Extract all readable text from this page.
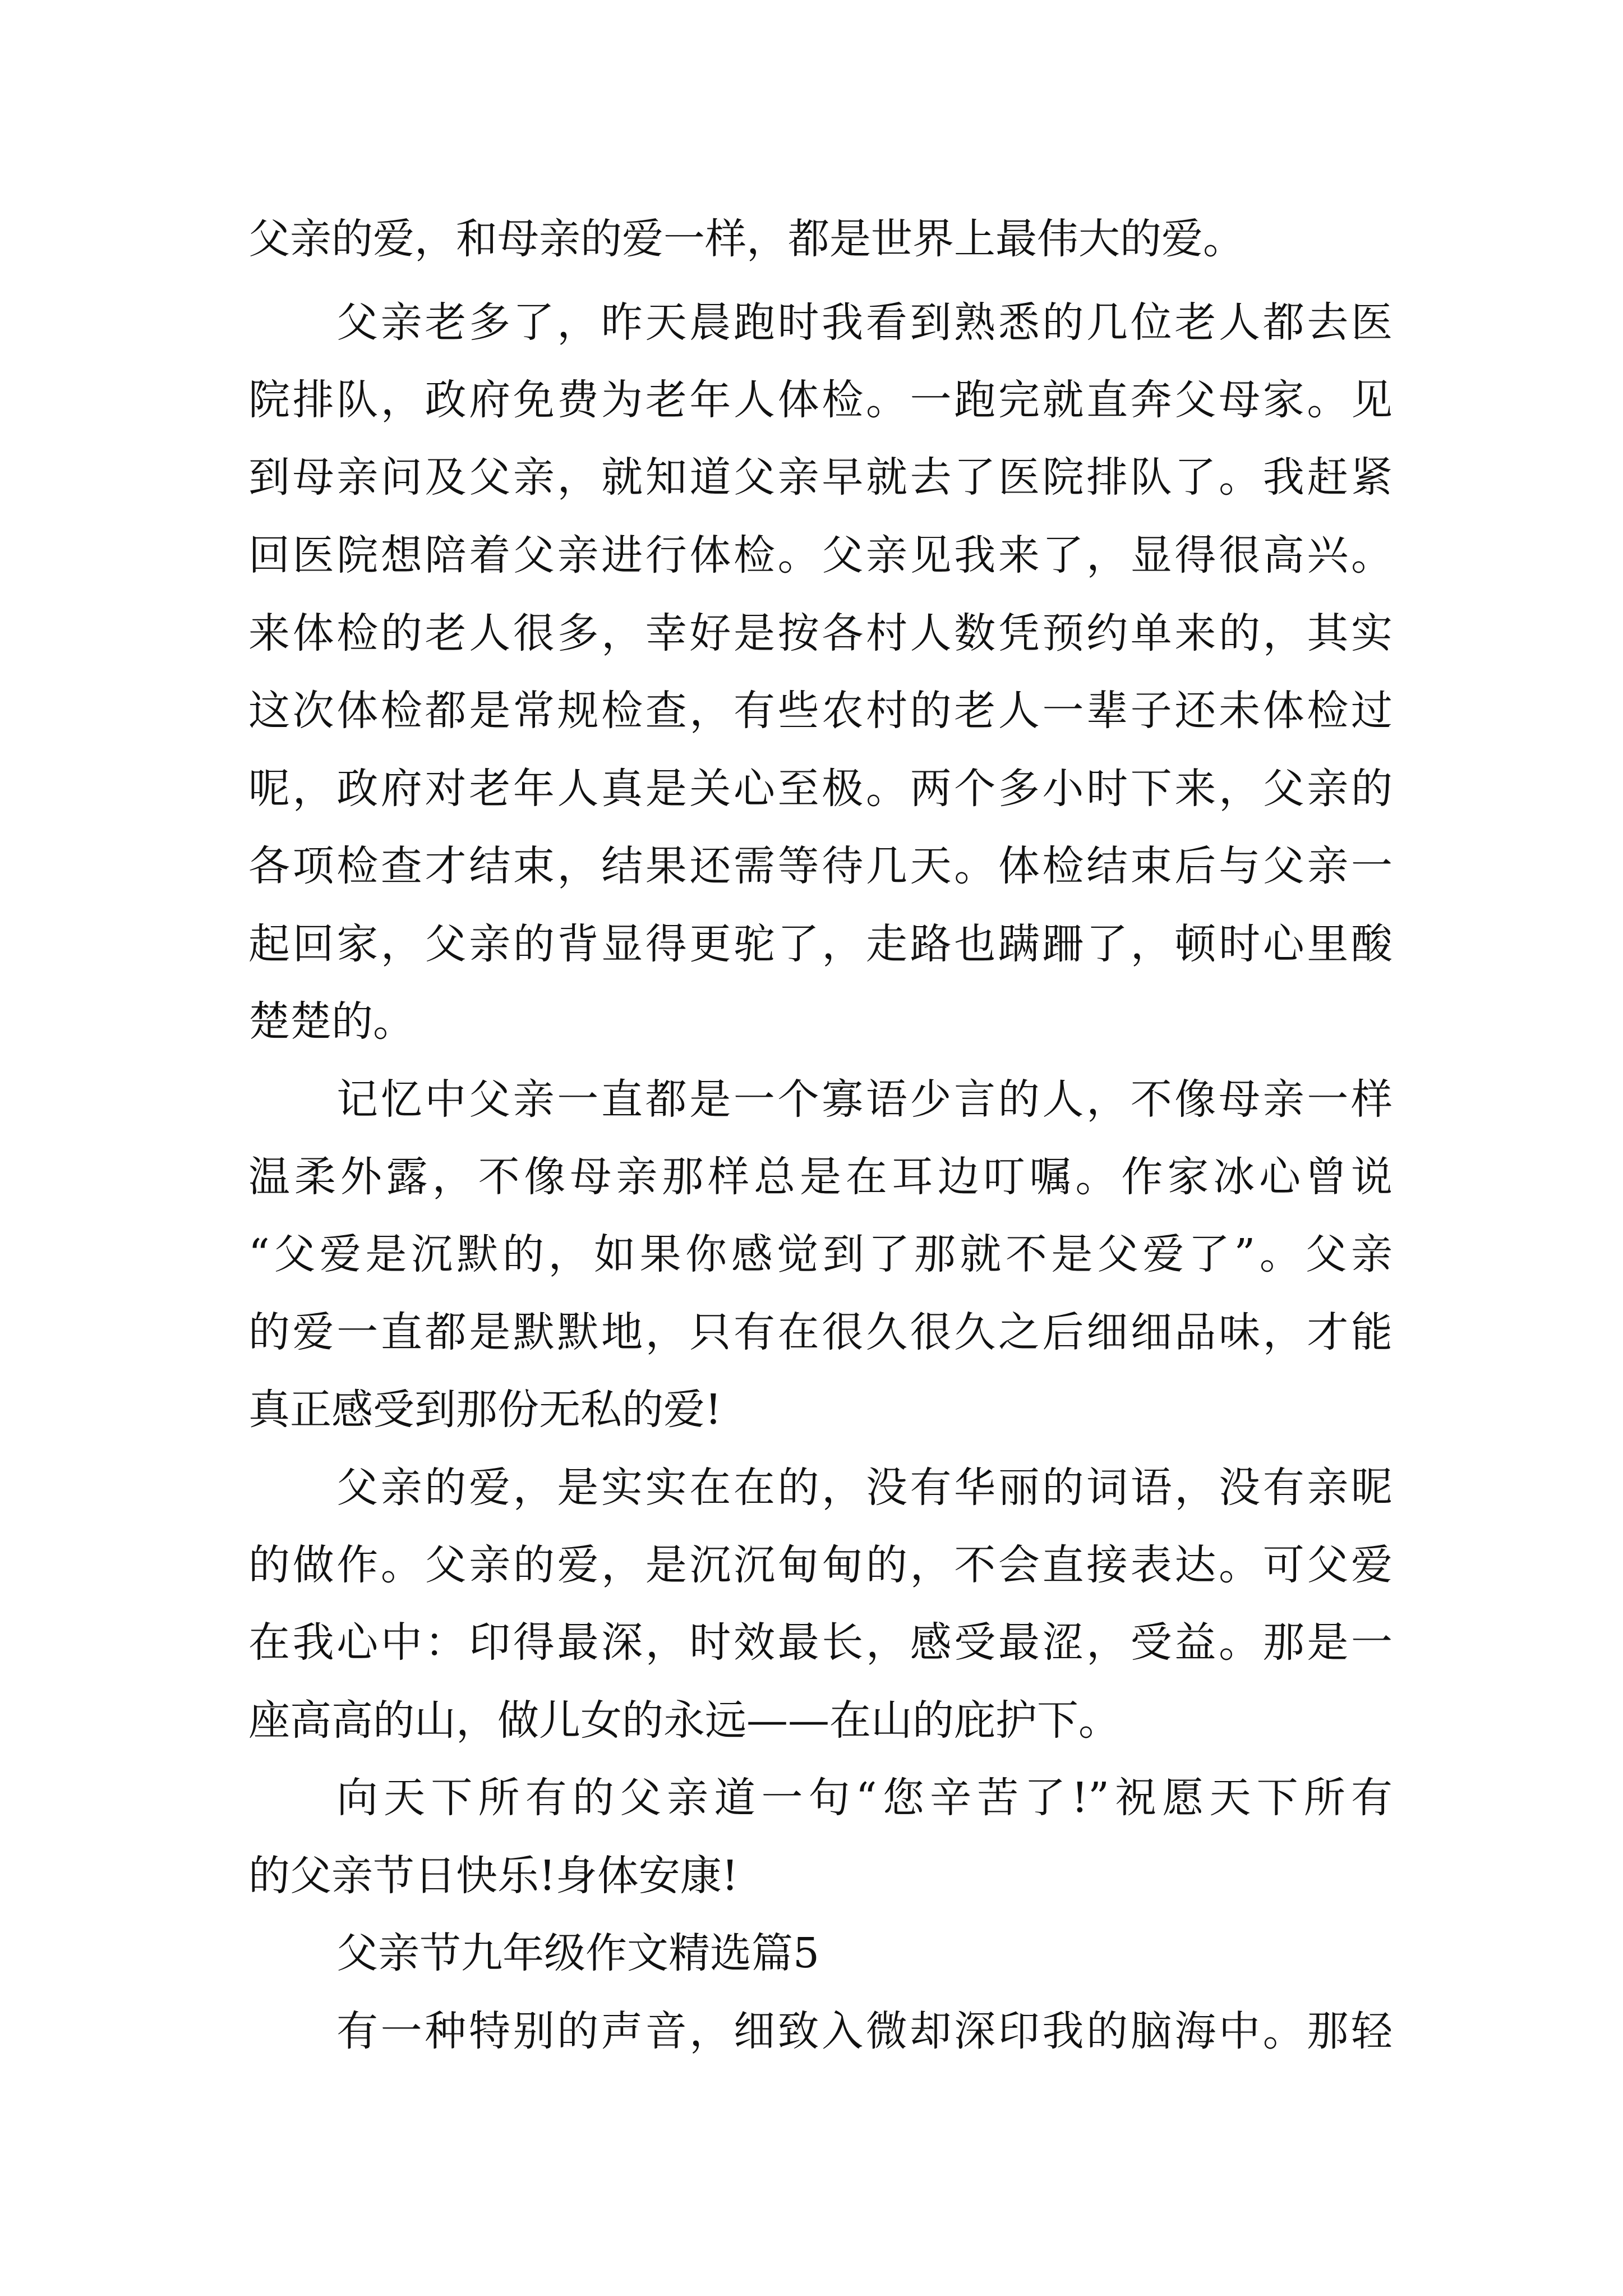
父亲的爱，和母亲的爱一样，都是世界上最伟大的爱。
父亲老多了，昨天晨跑时我看到熟悉的几位老人都去医
院排队，政府免费为老年人体检。一跑完就直奔父母家。见
到母亲问及父亲，就知道父亲早就去了医院排队了。我赶紧
回医院想陪着父亲进行体检。父亲见我来了，显得很高兴。
来体检的老人很多，幸好是按各村人数凭预约单来的，其实
这次体检都是常规检查，有些农村的老人一辈子还未体检过
呢，政府对老年人真是关心至极。两个多小时下来，父亲的
各项检查才结束，结果还需等待几天。体检结束后与父亲一
起回家，父亲的背显得更驼了，走路也蹒跚了，顿时心里酸
楚楚的。
记忆中父亲一直都是一个寡语少言的人，不像母亲一样
温柔外露，不像母亲那样总是在耳边叮嘱。作家冰心曾说
“父爱是沉默的，如果你感觉到了那就不是父爱了”。父亲
的爱一直都是默默地，只有在很久很久之后细细品味，才能
真正感受到那份无私的爱!
父亲的爱，是实实在在的，没有华丽的词语，没有亲昵
的做作。父亲的爱，是沉沉甸甸的，不会直接表达。可父爱
在我心中：印得最深，时效最长，感受最涩，受益。那是一
座高高的山，做儿女的永远——在山的庇护下。
向天下所有的父亲道一句“您辛苦了!”祝愿天下所有
的父亲节日快乐!身体安康!
父亲节九年级作文精选篇5
有一种特别的声音，细致入微却深印我的脑海中。那轻
